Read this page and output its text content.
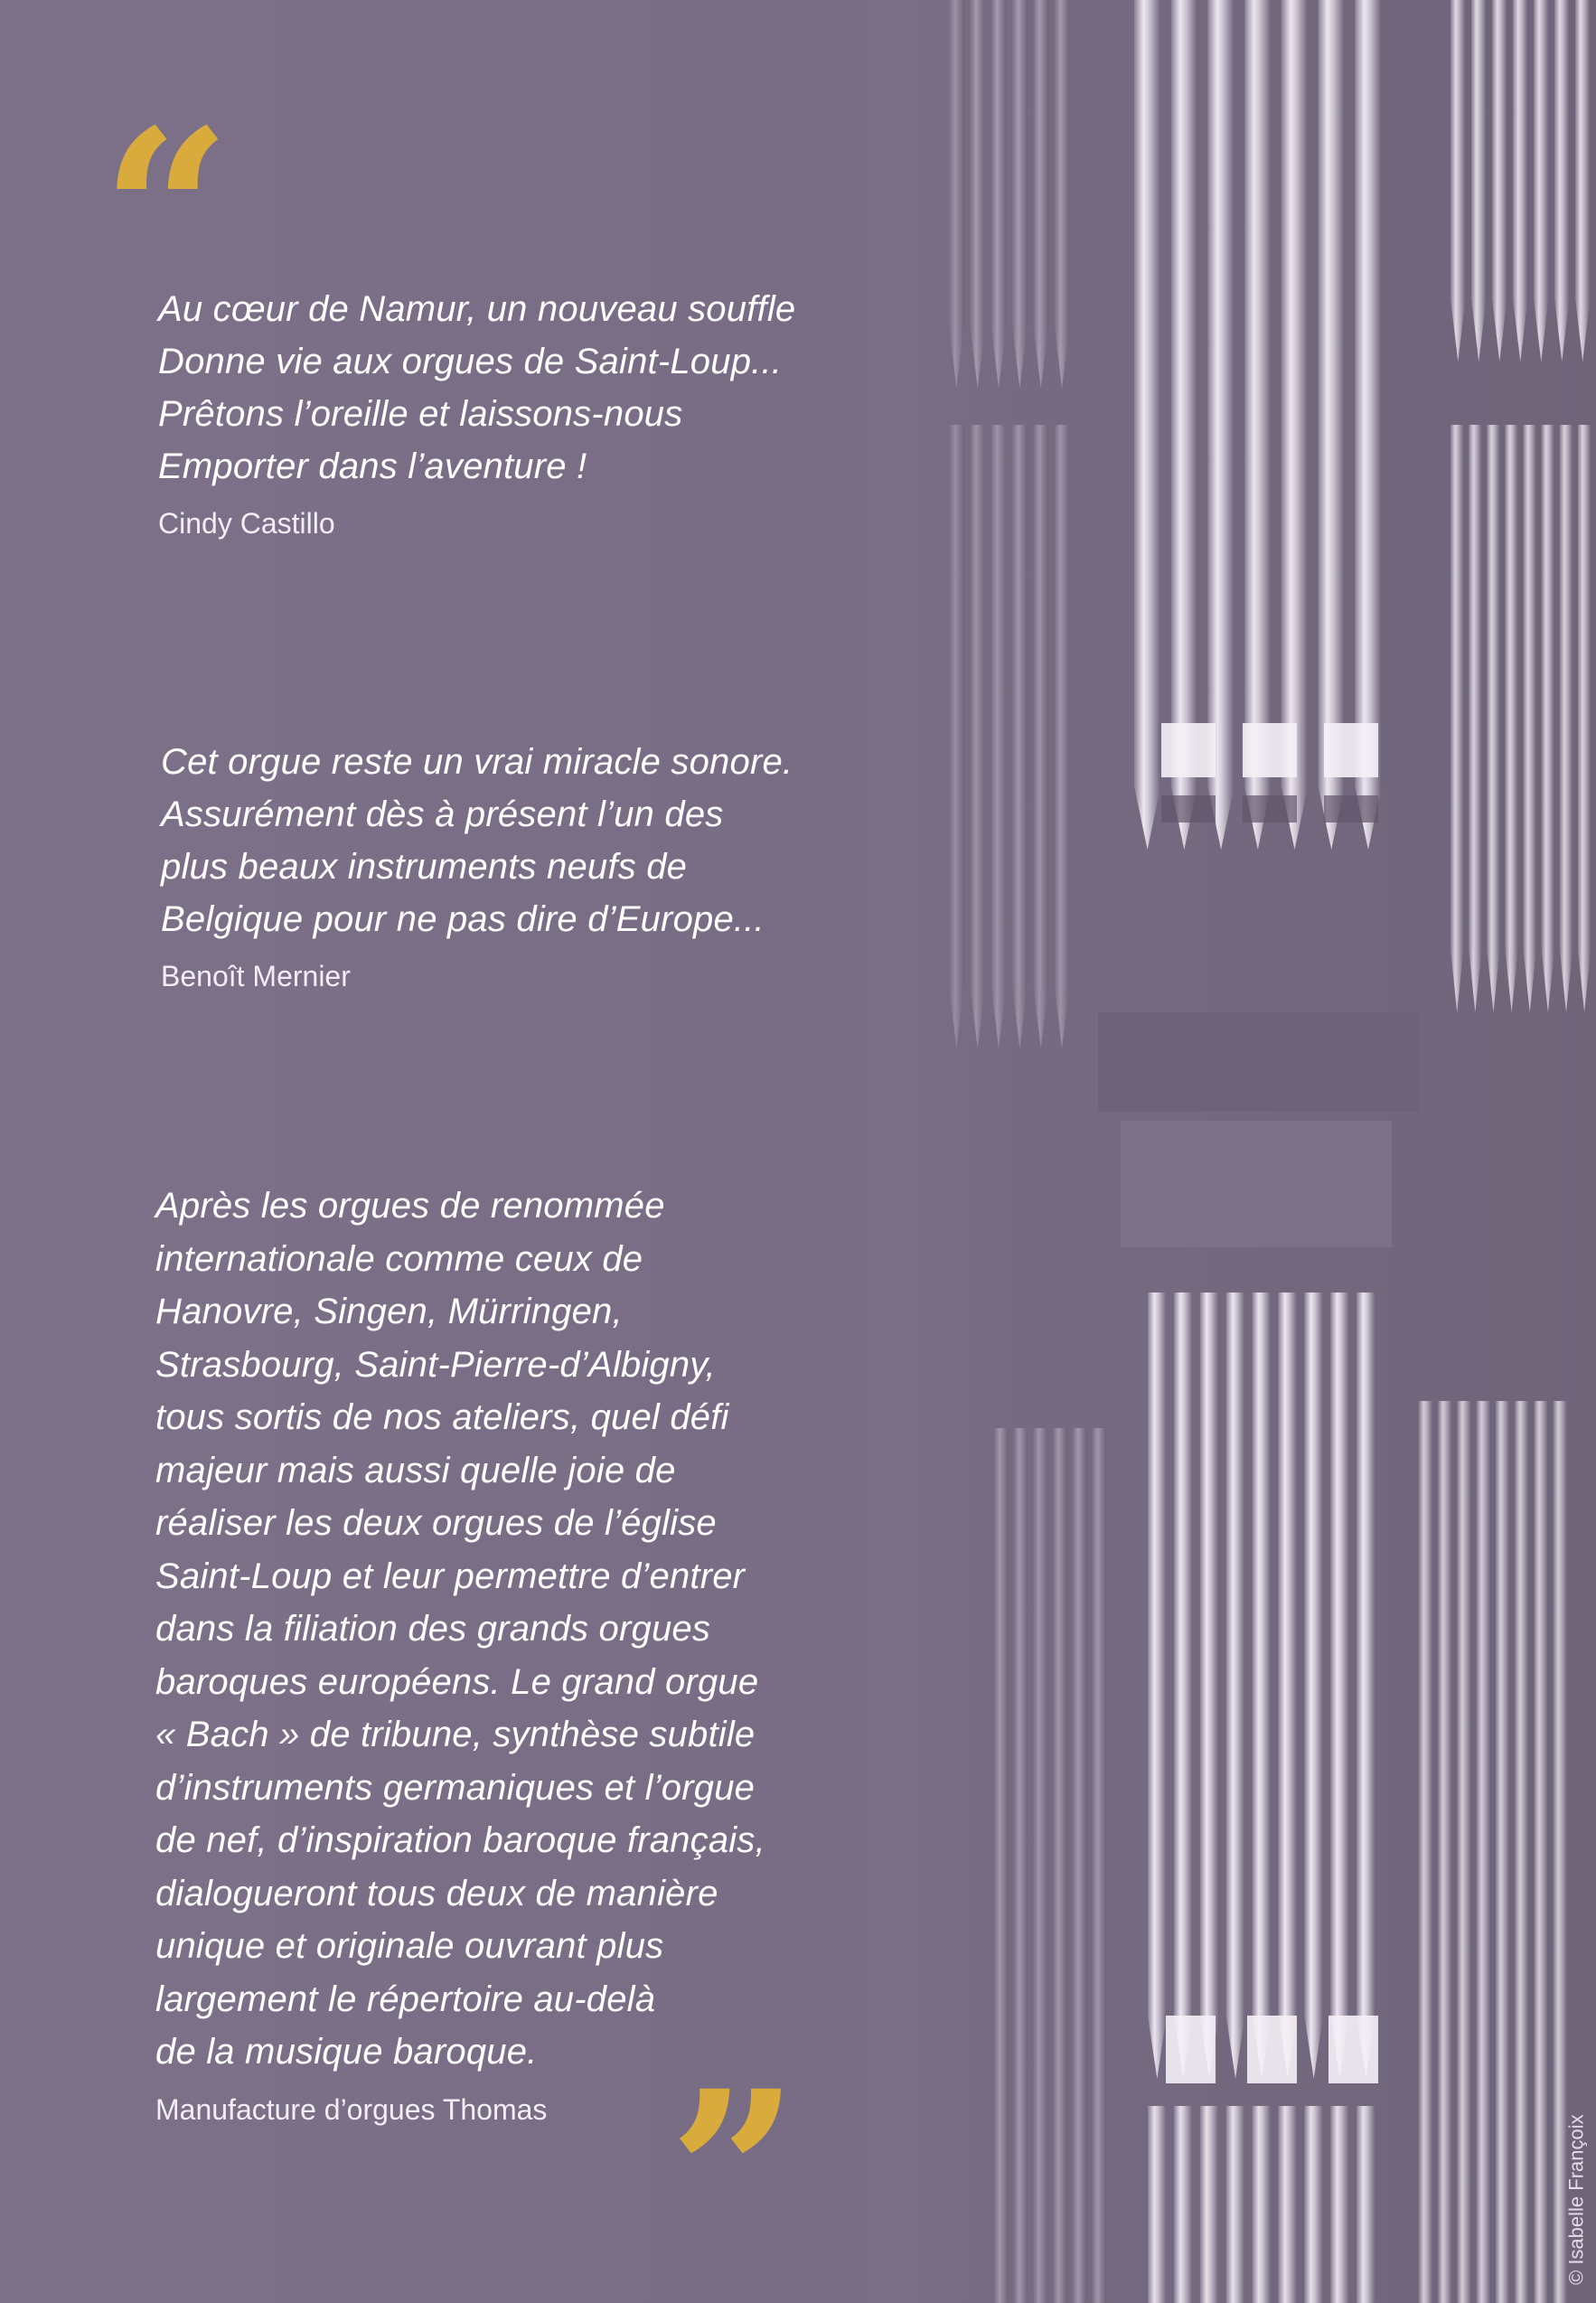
“

Au cœur de Namur, un nouveau souffle
Donne vie aux orgues de Saint-Loup...
Prêtons l’oreille et laissons-nous
Emporter dans l’aventure !

Cindy Castillo

Cet orgue reste un vrai miracle sonore.
Assurément dès à présent l’un des
plus beaux instruments neufs de
Belgique pour ne pas dire d’Europe...

Benoît Mernier

Après les orgues de renommée
internationale comme ceux de
Hanovre, Singen, Mürringen,
Strasbourg, Saint-Pierre-d’Albigny,
tous sortis de nos ateliers, quel défi
majeur mais aussi quelle joie de
réaliser les deux orgues de l’église
Saint-Loup et leur permettre d’entrer
dans la filiation des grands orgues
baroques européens. Le grand orgue
« Bach » de tribune, synthèse subtile
d’instruments germaniques et l’orgue
de nef, d’inspiration baroque français,
dialogueront tous deux de manière
unique et originale ouvrant plus
largement le répertoire au-delà
de la musique baroque.

Manufacture d’orgues Thomas ”	© Isabelle Françoix
